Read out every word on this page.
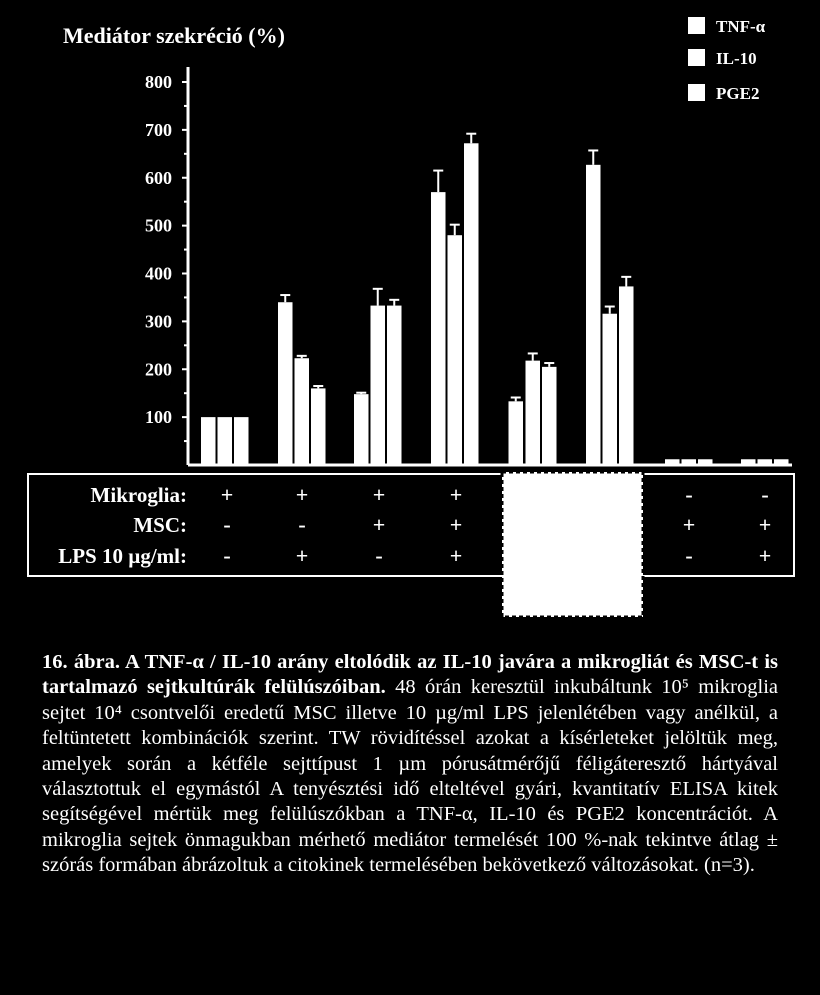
Mediátor szekréció (%)	TNF-α
IL-10
PGE2
100
200
300
400
500
600
700
800
Mikroglia: +	+	+	+	-	-
MSC: -	-	+	+	+	+
LPS 10 µg/ml: -	+	-	+	-	+
16. ábra. A TNF-α / IL-10 arány eltolódik az IL-10 javára a mikrogliát és MSC-t is tartalmazó sejtkultúrák felülúszóiban. 48 órán keresztül inkubáltunk 10⁵ mikroglia sejtet 10⁴ csontvelői eredetű MSC illetve 10 µg/ml LPS jelenlétében vagy anélkül, a feltüntetett kombinációk szerint. TW rövidítéssel azokat a kísérleteket jelöltük meg, amelyek során a kétféle sejttípust 1 µm pórusátmérőjű féligáteresztő hártyával választottuk el egymástól A tenyésztési idő elteltével gyári, kvantitatív ELISA kitek segítségével mértük meg felülúszókban a TNF-α, IL-10 és PGE2 koncentrációt. A mikroglia sejtek önmagukban mérhető mediátor termelését 100 %-nak tekintve átlag ± szórás formában ábrázoltuk a citokinek termelésében bekövetkező változásokat. (n=3).
